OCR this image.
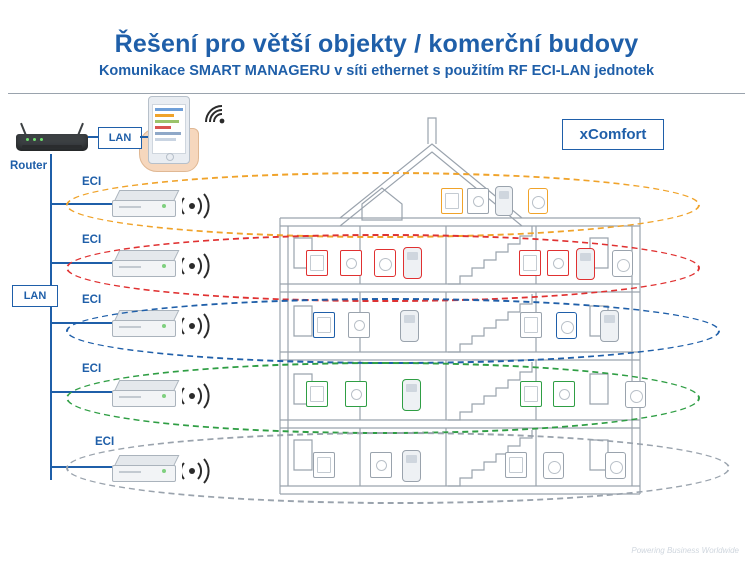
Řešení pro větší objekty / komerční budovy
Komunikace SMART MANAGERU v síti ethernet s použitím RF ECI-LAN jednotek
xComfort
Router
LAN
LAN
ECI
ECI
ECI
ECI
ECI
Powering Business Worldwide
